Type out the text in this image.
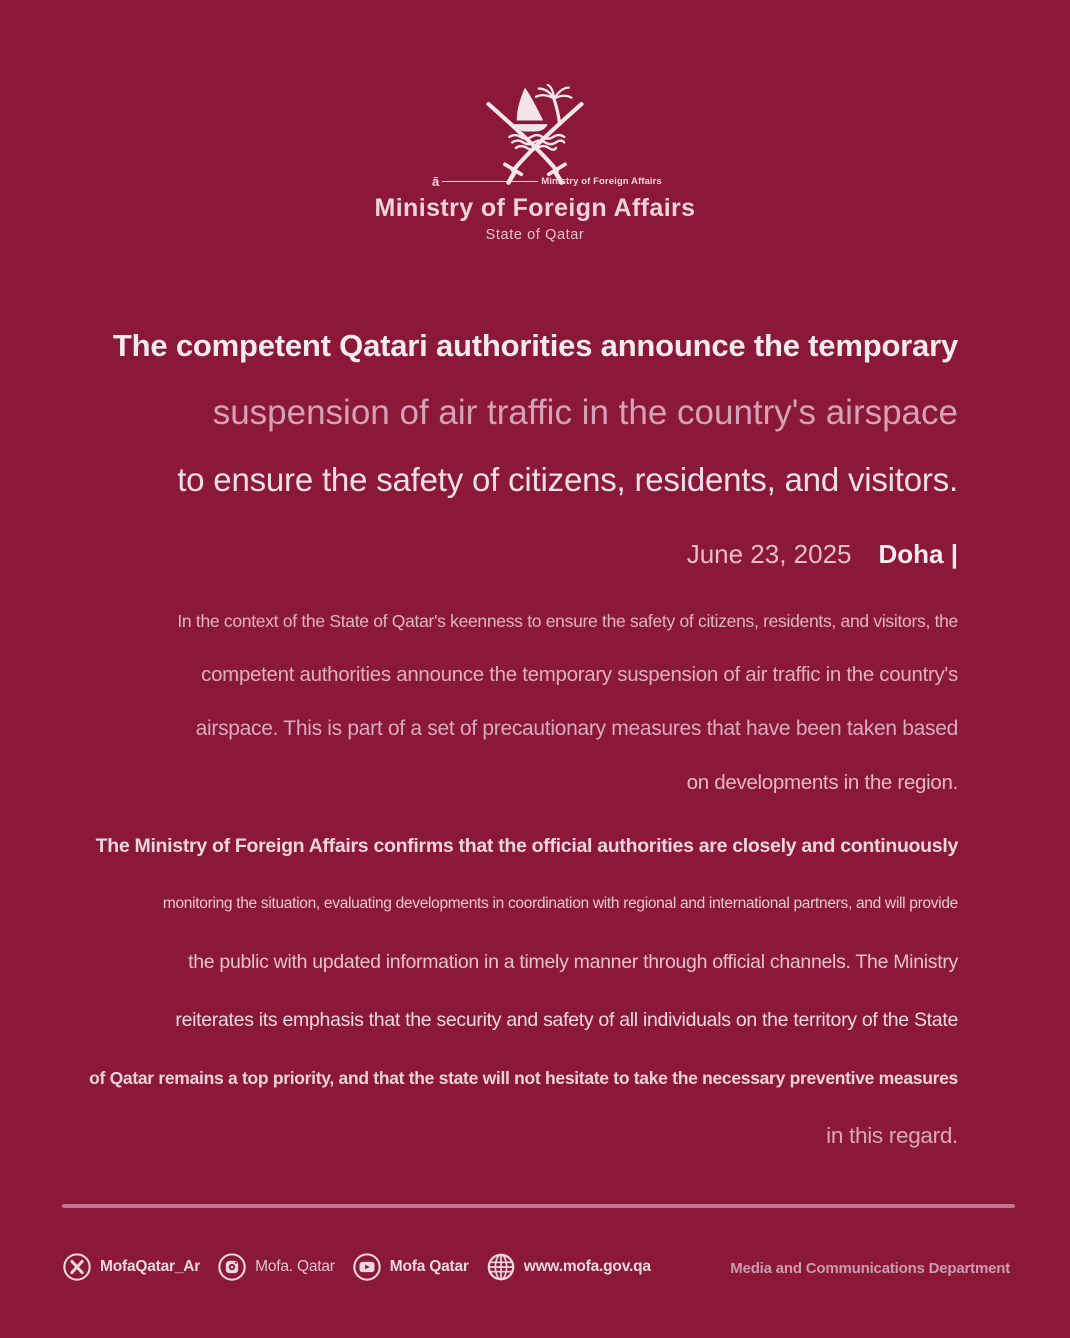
ā	Ministry of Foreign Affairs
Ministry of Foreign Affairs
State of Qatar
The competent Qatari authorities announce the temporary
suspension of air traffic in the country's airspace
to ensure the safety of citizens, residents, and visitors.
June 23, 2025 Doha |
In the context of the State of Qatar's keenness to ensure the safety of citizens, residents, and visitors, the
competent authorities announce the temporary suspension of air traffic in the country's
airspace. This is part of a set of precautionary measures that have been taken based
on developments in the region.
The Ministry of Foreign Affairs confirms that the official authorities are closely and continuously
monitoring the situation, evaluating developments in coordination with regional and international partners, and will provide
the public with updated information in a timely manner through official channels. The Ministry
reiterates its emphasis that the security and safety of all individuals on the territory of the State
of Qatar remains a top priority, and that the state will not hesitate to take the necessary preventive measures
in this regard.
MofaQatar_Ar	Mofa. Qatar	Mofa Qatar	www.mofa.gov.qa	Media and Communications Department
